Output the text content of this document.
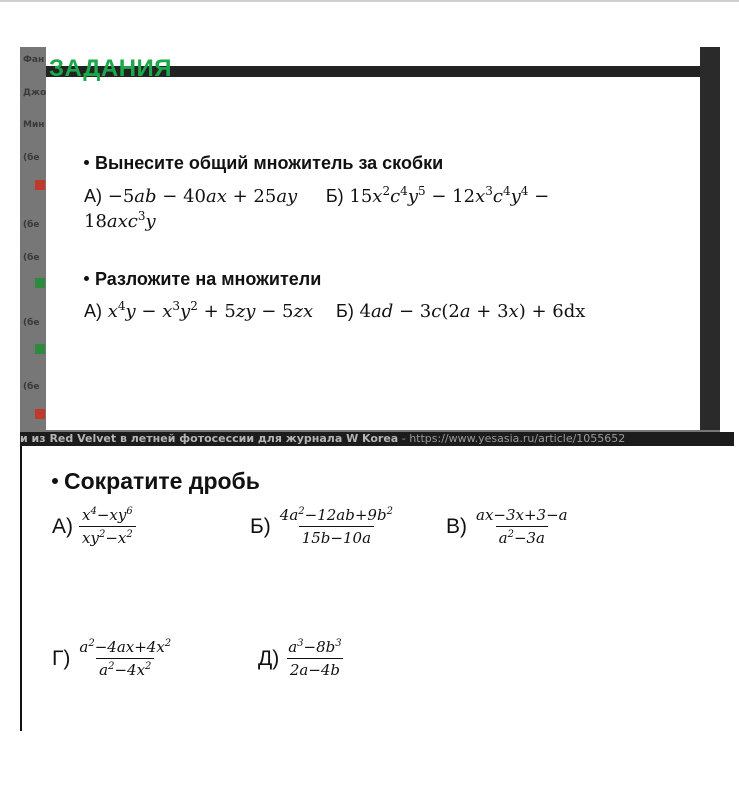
Фан
Джо
Мин
(бе
(бе
(бе
(бе
(бе
и из Red Velvet в летней фотосессии для журнала W Korea - https://www.yesasia.ru/article/1055652
ЗАДАНИЯ
Вынесите общий множитель за скобки
А) −5ab − 40ax + 25ay Б) $15x^2c^4y^5 - 12x^3c^4y^4$ −
18axc$^3$y
Разложите на множители
А) $x^4y - x^3y^2 + 5zy - 5zx$ Б) 4ad − 3c(2a + 3x) + 6dx
Сократите дробь
$А) \frac{x^4-xy^6}{xy^2-x^2}$	$Б) \frac{4a^2-12ab+9b^2}{15b-10a} В) \frac{ax-3x+3-a}{a^2-3a}$
$Г) \frac{a^2-4ax+4x^2}{a^2-4x^2}$	$Д) \frac{a^3-8b^3}{2a-4b}$
